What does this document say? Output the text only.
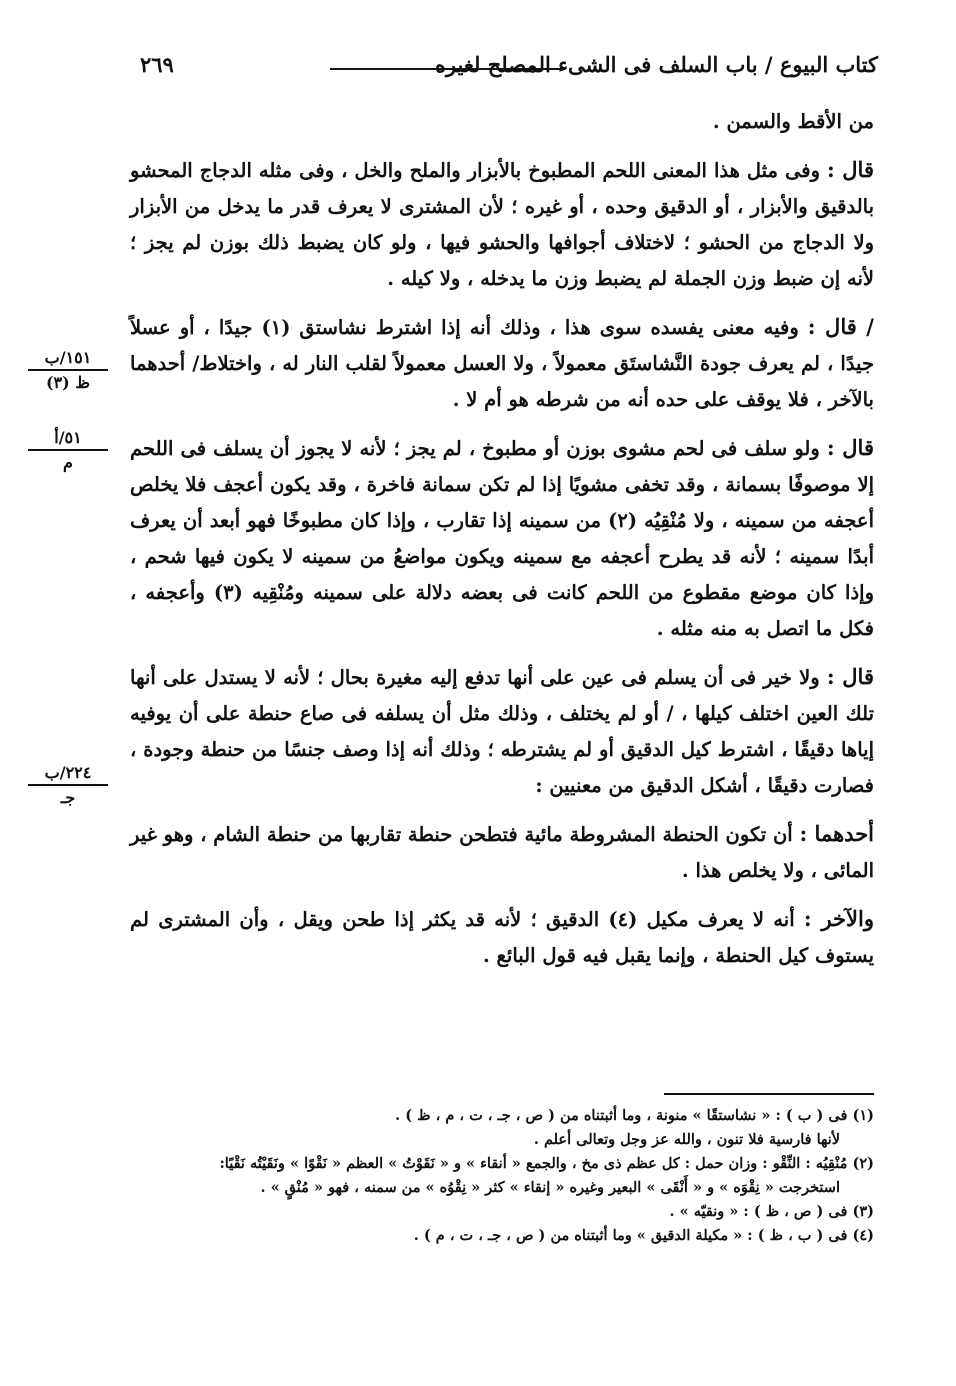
كتاب البيوع / باب السلف فى الشىء المصلح لغيره
٢٦٩
١٥١/ب
ظ (٣)
٥١/أ
م
٢٢٤/ب
جـ

من الأقط والسمن .

قال : وفى مثل هذا المعنى اللحم المطبوخ بالأبزار والملح والخل ، وفى مثله الدجاج المحشو بالدقيق والأبزار ، أو الدقيق وحده ، أو غيره ؛ لأن المشترى لا يعرف قدر ما يدخل من الأبزار ولا الدجاج من الحشو ؛ لاختلاف أجوافها والحشو فيها ، ولو كان يضبط ذلك بوزن لم يجز ؛ لأنه إن ضبط وزن الجملة لم يضبط وزن ما يدخله ، ولا كيله .

/ قال : وفيه معنى يفسده سوى هذا ، وذلك أنه إذا اشترط نشاستق (١) جيدًا ، أو عسلاً جيدًا ، لم يعرف جودة النَّشاستَق معمولاً ، ولا العسل معمولاً لقلب النار له ، واختلاط/ أحدهما بالآخر ، فلا يوقف على حده أنه من شرطه هو أم لا .

قال : ولو سلف فى لحم مشوى بوزن أو مطبوخ ، لم يجز ؛ لأنه لا يجوز أن يسلف فى اللحم إلا موصوفًا بسمانة ، وقد تخفى مشويًا إذا لم تكن سمانة فاخرة ، وقد يكون أعجف فلا يخلص أعجفه من سمينه ، ولا مُنْقِيُه (٢) من سمينه إذا تقارب ، وإذا كان مطبوخًا فهو أبعد أن يعرف أبدًا سمينه ؛ لأنه قد يطرح أعجفه مع سمينه ويكون مواضعُ من سمينه لا يكون فيها شحم ، وإذا كان موضع مقطوع من اللحم كانت فى بعضه دلالة على سمينه ومُنْقِيه (٣) وأعجفه ، فكل ما اتصل به منه مثله .

قال : ولا خير فى أن يسلم فى عين على أنها تدفع إليه مغيرة بحال ؛ لأنه لا يستدل على أنها تلك العين اختلف كيلها ، / أو لم يختلف ، وذلك مثل أن يسلفه فى صاع حنطة على أن يوفيه إياها دقيقًا ، اشترط كيل الدقيق أو لم يشترطه ؛ وذلك أنه إذا وصف جنسًا من حنطة وجودة ، فصارت دقيقًا ، أشكل الدقيق من معنيين :

أحدهما : أن تكون الحنطة المشروطة مائية فتطحن حنطة تقاربها من حنطة الشام ، وهو غير المائى ، ولا يخلص هذا .

والآخر : أنه لا يعرف مكيل (٤) الدقيق ؛ لأنه قد يكثر إذا طحن ويقل ، وأن المشترى لم يستوف كيل الحنطة ، وإنما يقبل فيه قول البائع .

(١) فى ( ب ) : « نشاستقًا » منونة ، وما أثبتناه من ( ص ، جـ ، ت ، م ، ظ ) .

لأنها فارسية فلا تنون ، والله عز وجل وتعالى أعلم .

(٢) مُنْقِيُه : النِّقْو : وزان حمل : كل عظم ذى مخ ، والجمع « أنقاء » و « نَقَوْتُ » العظم « نَقْوًا » ونَقَيْتُه نَقْيًا:

استخرجت « نِقْوَه » و « أَنْقَى » البعير وغيره « إنقاء » كثر « نِقْوُه » من سمنه ، فهو « مُنْقٍ » .

(٣) فى ( ص ، ظ ) : « ونقيّه » .

(٤) فى ( ب ، ظ ) : « مكيلة الدقيق » وما أثبتناه من ( ص ، جـ ، ت ، م ) .
